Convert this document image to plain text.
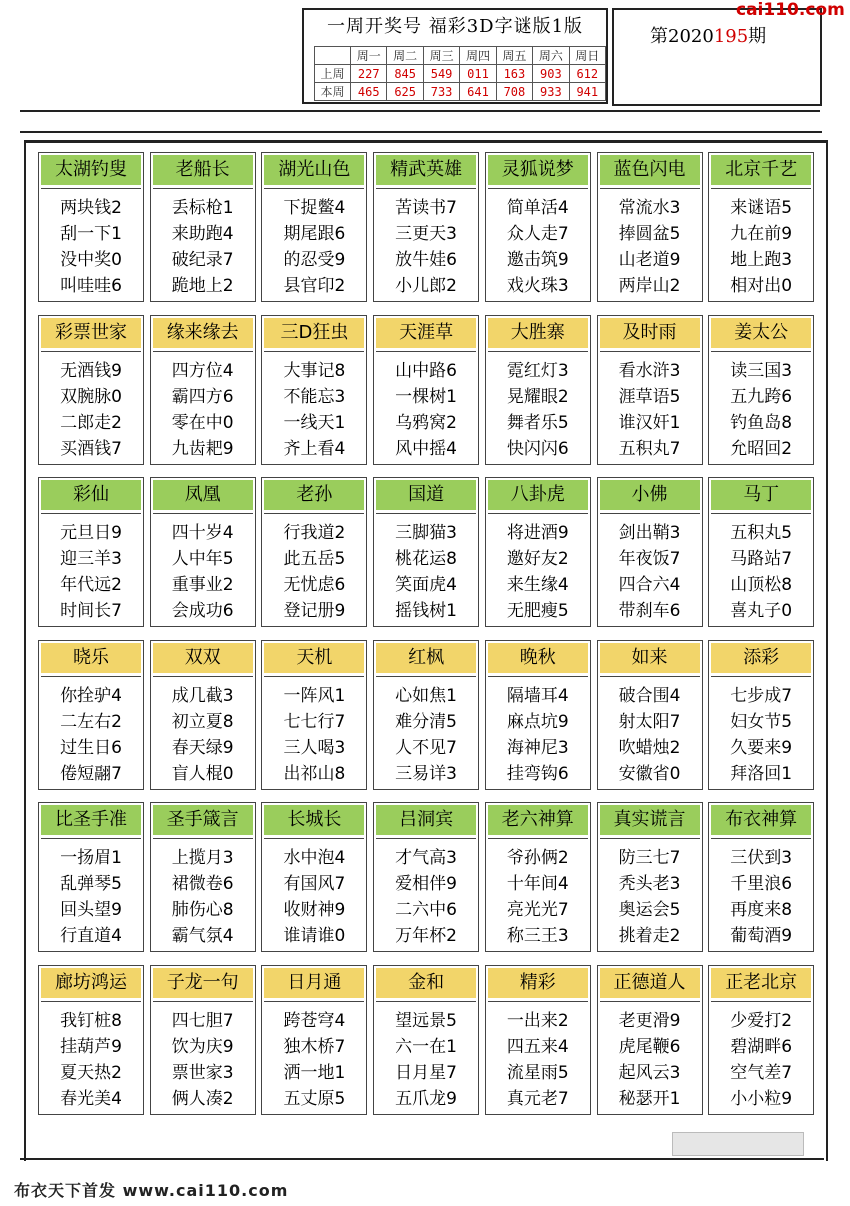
一周开奖号 福彩3D字谜版1版
	周一	周二	周三	周四	周五	周六	周日
上周	227	845	549	011	163	903	612
本周	465	625	733	641	708	933	941
第2020195期
cai110.com
太湖钓叟
两块钱2
刮一下1
没中奖0
叫哇哇6
老船长
丢标枪1
来助跑4
破纪录7
跪地上2
湖光山色
下捉鳖4
期尾跟6
的忍受9
县官印2
精武英雄
苦读书7
三更天3
放牛娃6
小儿郎2
灵狐说梦
简单活4
众人走7
邀击筑9
戏火珠3
蓝色闪电
常流水3
捧圆盆5
山老道9
两岸山2
北京千艺
来谜语5
九在前9
地上跑3
相对出0
彩票世家
无酒钱9
双腕脉0
二郎走2
买酒钱7
缘来缘去
四方位4
霸四方6
零在中0
九齿耙9
三D狂虫
大事记8
不能忘3
一线天1
齐上看4
天涯草
山中路6
一棵树1
乌鸦窝2
风中摇4
大胜寨
霓红灯3
晃耀眼2
舞者乐5
快闪闪6
及时雨
看水浒3
涯草语5
谁汉奸1
五积丸7
姜太公
读三国3
五九跨6
钓鱼岛8
允昭回2
彩仙
元旦日9
迎三羊3
年代远2
时间长7
凤凰
四十岁4
人中年5
重事业2
会成功6
老孙
行我道2
此五岳5
无忧虑6
登记册9
国道
三脚猫3
桃花运8
笑面虎4
摇钱树1
八卦虎
将进酒9
邀好友2
来生缘4
无肥瘦5
小佛
剑出鞘3
年夜饭7
四合六4
带刹车6
马丁
五积丸5
马路站7
山顶松8
喜丸子0
晓乐
你拴驴4
二左右2
过生日6
倦短翮7
双双
成几截3
初立夏8
春天绿9
盲人棍0
天机
一阵风1
七七行7
三人喝3
出祁山8
红枫
心如焦1
难分清5
人不见7
三易详3
晚秋
隔墙耳4
麻点坑9
海神尼3
挂弯钩6
如来
破合围4
射太阳7
吹蜡烛2
安徽省0
添彩
七步成7
妇女节5
久要来9
拜洛回1
比圣手准
一扬眉1
乱弹琴5
回头望9
行直道4
圣手箴言
上揽月3
裙微卷6
肺伤心8
霸气氛4
长城长
水中泡4
有国风7
收财神9
谁请谁0
吕洞宾
才气高3
爱相伴9
二六中6
万年杯2
老六神算
爷孙俩2
十年间4
亮光光7
称三王3
真实谎言
防三七7
秃头老3
奥运会5
挑着走2
布衣神算
三伏到3
千里浪6
再度来8
葡萄酒9
廊坊鸿运
我钉桩8
挂葫芦9
夏天热2
春光美4
子龙一句
四七胆7
饮为庆9
票世家3
俩人凑2
日月通
跨苍穹4
独木桥7
洒一地1
五丈原5
金和
望远景5
六一在1
日月星7
五爪龙9
精彩
一出来2
四五来4
流星雨5
真元老7
正德道人
老更滑9
虎尾鞭6
起风云3
秘瑟开1
正老北京
少爱打2
碧湖畔6
空气差7
小小粒9
布衣天下首发 www.cai110.com
